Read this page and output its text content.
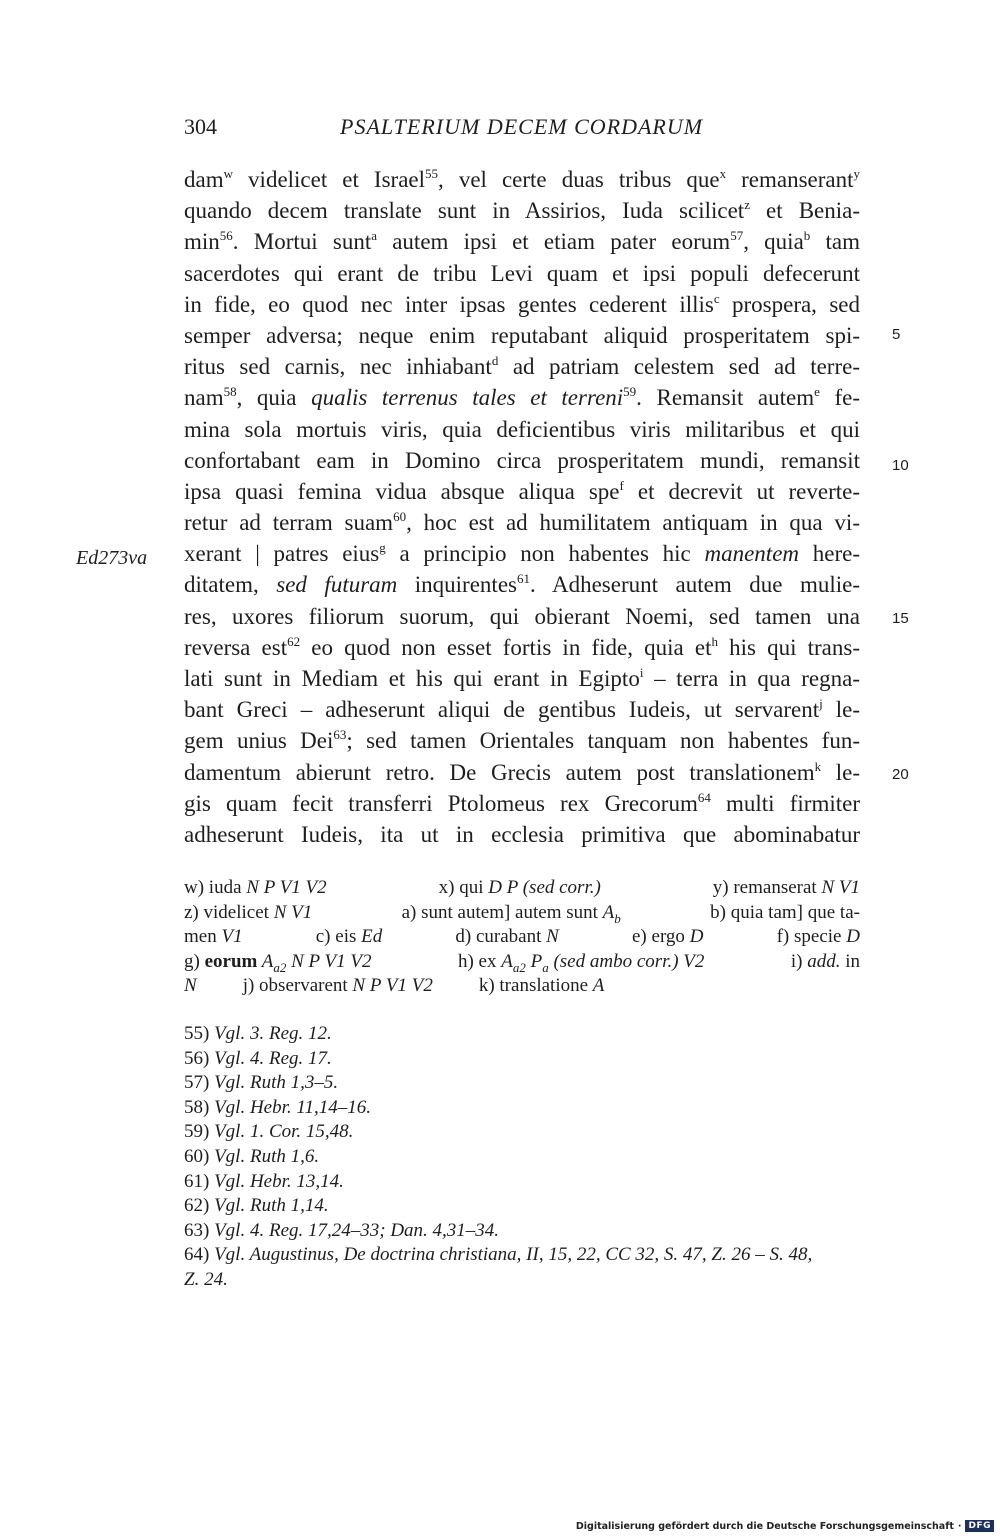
304	PSALTERIUM DECEM CORDARUM
dam$^w$ videlicet et Israel$^{55}$, vel certe duas tribus que$^x$ remanserant$^y$
quando decem translate sunt in Assirios, Iuda scilicet$^z$ et Benia-
$\min^{56}$. Mortui sunt$^a$ autem ipsi et etiam pater eorum$^{57}$, quia$^b$ tam
sacerdotes qui erant de tribu Levi quam et ipsi populi defecerunt
in fide, eo quod nec inter ipsas gentes cederent illis$^c$ prospera, sed
semper adversa; neque enim reputabant aliquid prosperitatem spi-
ritus sed carnis, nec inhiabant$^d$ ad patriam celestem sed ad terre-
nam$^{58}$, quia qualis terrenus tales et terreni$^{59}$. Remansit autem$^e$ fe-
mina sola mortuis viris, quia deficientibus viris militaribus et qui
confortabant eam in Domino circa prosperitatem mundi, remansit
ipsa quasi femina vidua absque aliqua spe$^f$ et decrevit ut reverte-
retur ad terram suam$^{60}$, hoc est ad humilitatem antiquam in qua vi-
xerant | patres eius$^g$ a principio non habentes hic manentem here-
ditatem, sed futuram inquirentes$^{61}$. Adheserunt autem due mulie-
res, uxores filiorum suorum, qui obierant Noemi, sed tamen una
reversa est$^{62}$ eo quod non esset fortis in fide, quia $et^h$ his qui trans-
lati sunt in Mediam et his qui erant in Egipto$^i$ – terra in qua regna-
bant Greci – adheserunt aliqui de gentibus Iudeis, ut servarent$^j$ le-
gem unius Dei$^{63}$; sed tamen Orientales tanquam non habentes fun-
damentum abierunt retro. De Grecis autem post translationem$^k$ le-
gis quam fecit transferri Ptolomeus rex Grecorum$^{64}$ multi firmiter
adheserunt Iudeis, ita ut in ecclesia primitiva que abominabatur
5
10
15
20
Ed273va
w) iuda N P V1 V2	x) qui D P (sed corr.)	y) remanserat N V1
z) videlicet N V1	a) sunt autem] autem sunt $A_b$	b) quia tam] que ta-
men V1	c) eis Ed	d) curabant N	e) ergo D	f) specie D
g) eorum $A_{a2}$ N P V1 V2	h) ex $A_{a2}$ $P_a$ (sed ambo corr.) V2	i) add. in
N j) observarent N P V1 V2 k) translatione A
55) Vgl. 3. Reg. 12.
56) Vgl. 4. Reg. 17.
57) Vgl. Ruth 1,3–5.
58) Vgl. Hebr. 11,14–16.
59) Vgl. 1. Cor. 15,48.
60) Vgl. Ruth 1,6.
61) Vgl. Hebr. 13,14.
62) Vgl. Ruth 1,14.
63) Vgl. 4. Reg. 17,24–33; Dan. 4,31–34.
64) Vgl. Augustinus, De doctrina christiana, II, 15, 22, CC 32, S. 47, Z. 26 – S. 48,
Z. 24.
Digitalisierung gefördert durch die Deutsche Forschungsgemeinschaft · DFG
